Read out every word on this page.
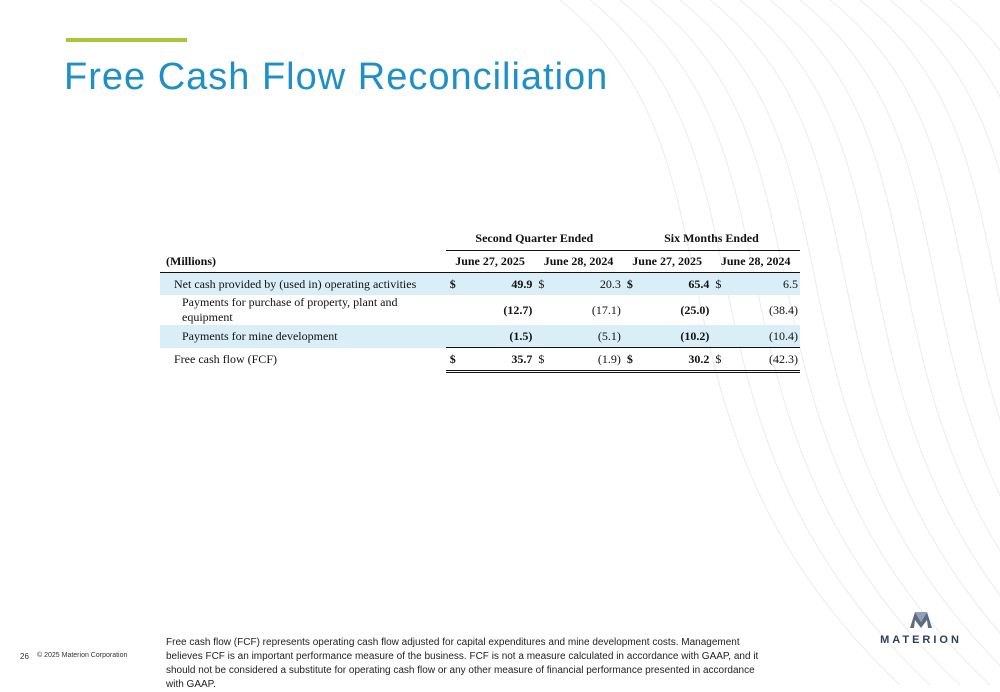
Free Cash Flow Reconciliation
	Second Quarter Ended				Six Months Ended			
(Millions)	June 27, 2025		June 28, 2024		June 27, 2025		June 28, 2024	
Net cash provided by (used in) operating activities	$	49.9	$	20.3	$	65.4	$	6.5
Payments for purchase of property, plant and equipment		(12.7)		(17.1)		(25.0)		(38.4)
Payments for mine development		(1.5)		(5.1)		(10.2)		(10.4)
Free cash flow (FCF)	$	35.7	$	(1.9)	$	30.2	$	(42.3)
Free cash flow (FCF) represents operating cash flow adjusted for capital expenditures and mine development costs. Management believes FCF is an important performance measure of the business. FCF is not a measure calculated in accordance with GAAP, and it should not be considered a substitute for operating cash flow or any other measure of financial performance presented in accordance with GAAP.
26 © 2025 Materion Corporation
MATERION
